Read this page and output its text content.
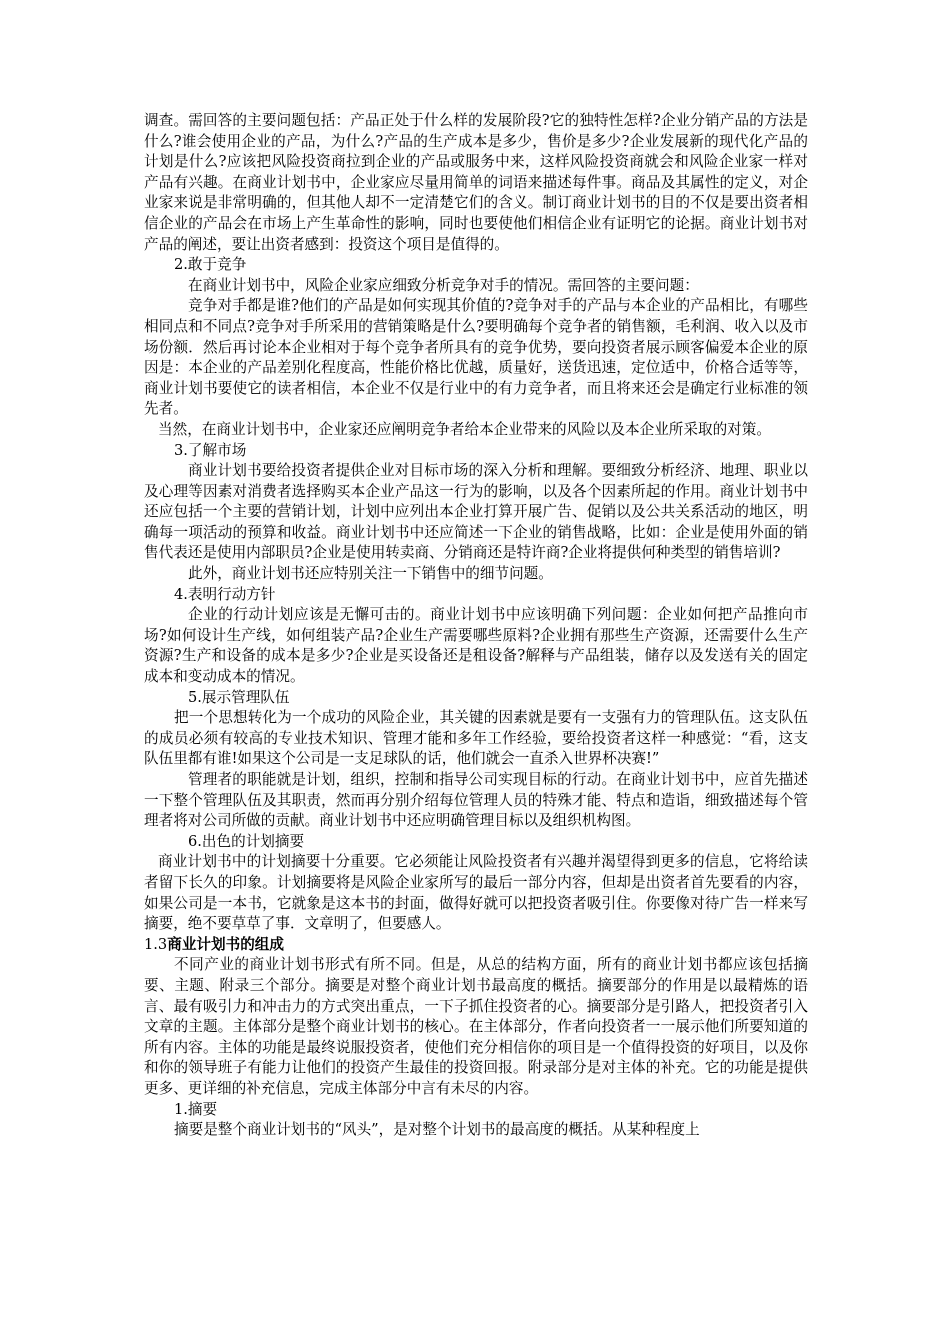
调查。需回答的主要问题包括：产品正处于什么样的发展阶段?它的独特性怎样?企业分销产品的方法是什么?谁会使用企业的产品，为什么?产品的生产成本是多少，售价是多少?企业发展新的现代化产品的计划是什么?应该把风险投资商拉到企业的产品或服务中来，这样风险投资商就会和风险企业家一样对产品有兴趣。在商业计划书中，企业家应尽量用简单的词语来描述每件事。商品及其属性的定义，对企业家来说是非常明确的，但其他人却不一定清楚它们的含义。制订商业计划书的目的不仅是要出资者相信企业的产品会在市场上产生革命性的影响，同时也要使他们相信企业有证明它的论据。商业计划书对产品的阐述，要让出资者感到：投资这个项目是值得的。

2.敢于竞争

在商业计划书中，风险企业家应细致分析竞争对手的情况。需回答的主要问题：

竞争对手都是谁?他们的产品是如何实现其价值的?竞争对手的产品与本企业的产品相比，有哪些相同点和不同点?竞争对手所采用的营销策略是什么?要明确每个竞争者的销售额，毛利润、收入以及市场份额．然后再讨论本企业相对于每个竞争者所具有的竞争优势，要向投资者展示顾客偏爱本企业的原因是：本企业的产品差别化程度高，性能价格比优越，质量好，送货迅速，定位适中，价格合适等等，商业计划书要使它的读者相信，本企业不仅是行业中的有力竞争者，而且将来还会是确定行业标准的领先者。

当然，在商业计划书中，企业家还应阐明竞争者给本企业带来的风险以及本企业所采取的对策。

3.了解市场

商业计划书要给投资者提供企业对目标市场的深入分析和理解。要细致分析经济、地理、职业以及心理等因素对消费者选择购买本企业产品这一行为的影响，以及各个因素所起的作用。商业计划书中还应包括一个主要的营销计划，计划中应列出本企业打算开展广告、促销以及公共关系活动的地区，明确每一项活动的预算和收益。商业计划书中还应简述一下企业的销售战略，比如：企业是使用外面的销售代表还是使用内部职员?企业是使用转卖商、分销商还是特许商?企业将提供何种类型的销售培训?

此外，商业计划书还应特别关注一下销售中的细节问题。

4.表明行动方针

企业的行动计划应该是无懈可击的。商业计划书中应该明确下列问题：企业如何把产品推向市场?如何设计生产线，如何组装产品?企业生产需要哪些原料?企业拥有那些生产资源，还需要什么生产资源?生产和设备的成本是多少?企业是买设备还是租设备?解释与产品组装，储存以及发送有关的固定成本和变动成本的情况。

5.展示管理队伍

把一个思想转化为一个成功的风险企业，其关键的因素就是要有一支强有力的管理队伍。这支队伍的成员必须有较高的专业技术知识、管理才能和多年工作经验，要给投资者这样一种感觉：“看，这支队伍里都有谁!如果这个公司是一支足球队的话，他们就会一直杀入世界杯决赛!”

管理者的职能就是计划，组织，控制和指导公司实现目标的行动。在商业计划书中，应首先描述一下整个管理队伍及其职责，然而再分别介绍每位管理人员的特殊才能、特点和造诣，细致描述每个管理者将对公司所做的贡献。商业计划书中还应明确管理目标以及组织机构图。

6.出色的计划摘要

商业计划书中的计划摘要十分重要。它必须能让风险投资者有兴趣并渴望得到更多的信息，它将给读者留下长久的印象。计划摘要将是风险企业家所写的最后一部分内容，但却是出资者首先要看的内容，如果公司是一本书，它就象是这本书的封面，做得好就可以把投资者吸引住。你要像对待广告一样来写摘要，绝不要草草了事．文章明了，但要感人。

1.3商业计划书的组成

不同产业的商业计划书形式有所不同。但是，从总的结构方面，所有的商业计划书都应该包括摘要、主题、附录三个部分。摘要是对整个商业计划书最高度的概括。摘要部分的作用是以最精炼的语言、最有吸引力和冲击力的方式突出重点，一下子抓住投资者的心。摘要部分是引路人，把投资者引入文章的主题。主体部分是整个商业计划书的核心。在主体部分，作者向投资者一一展示他们所要知道的所有内容。主体的功能是最终说服投资者，使他们充分相信你的项目是一个值得投资的好项目，以及你和你的领导班子有能力让他们的投资产生最佳的投资回报。附录部分是对主体的补充。它的功能是提供更多、更详细的补充信息，完成主体部分中言有未尽的内容。

1.摘要

摘要是整个商业计划书的“风头”，是对整个计划书的最高度的概括。从某种程度上
